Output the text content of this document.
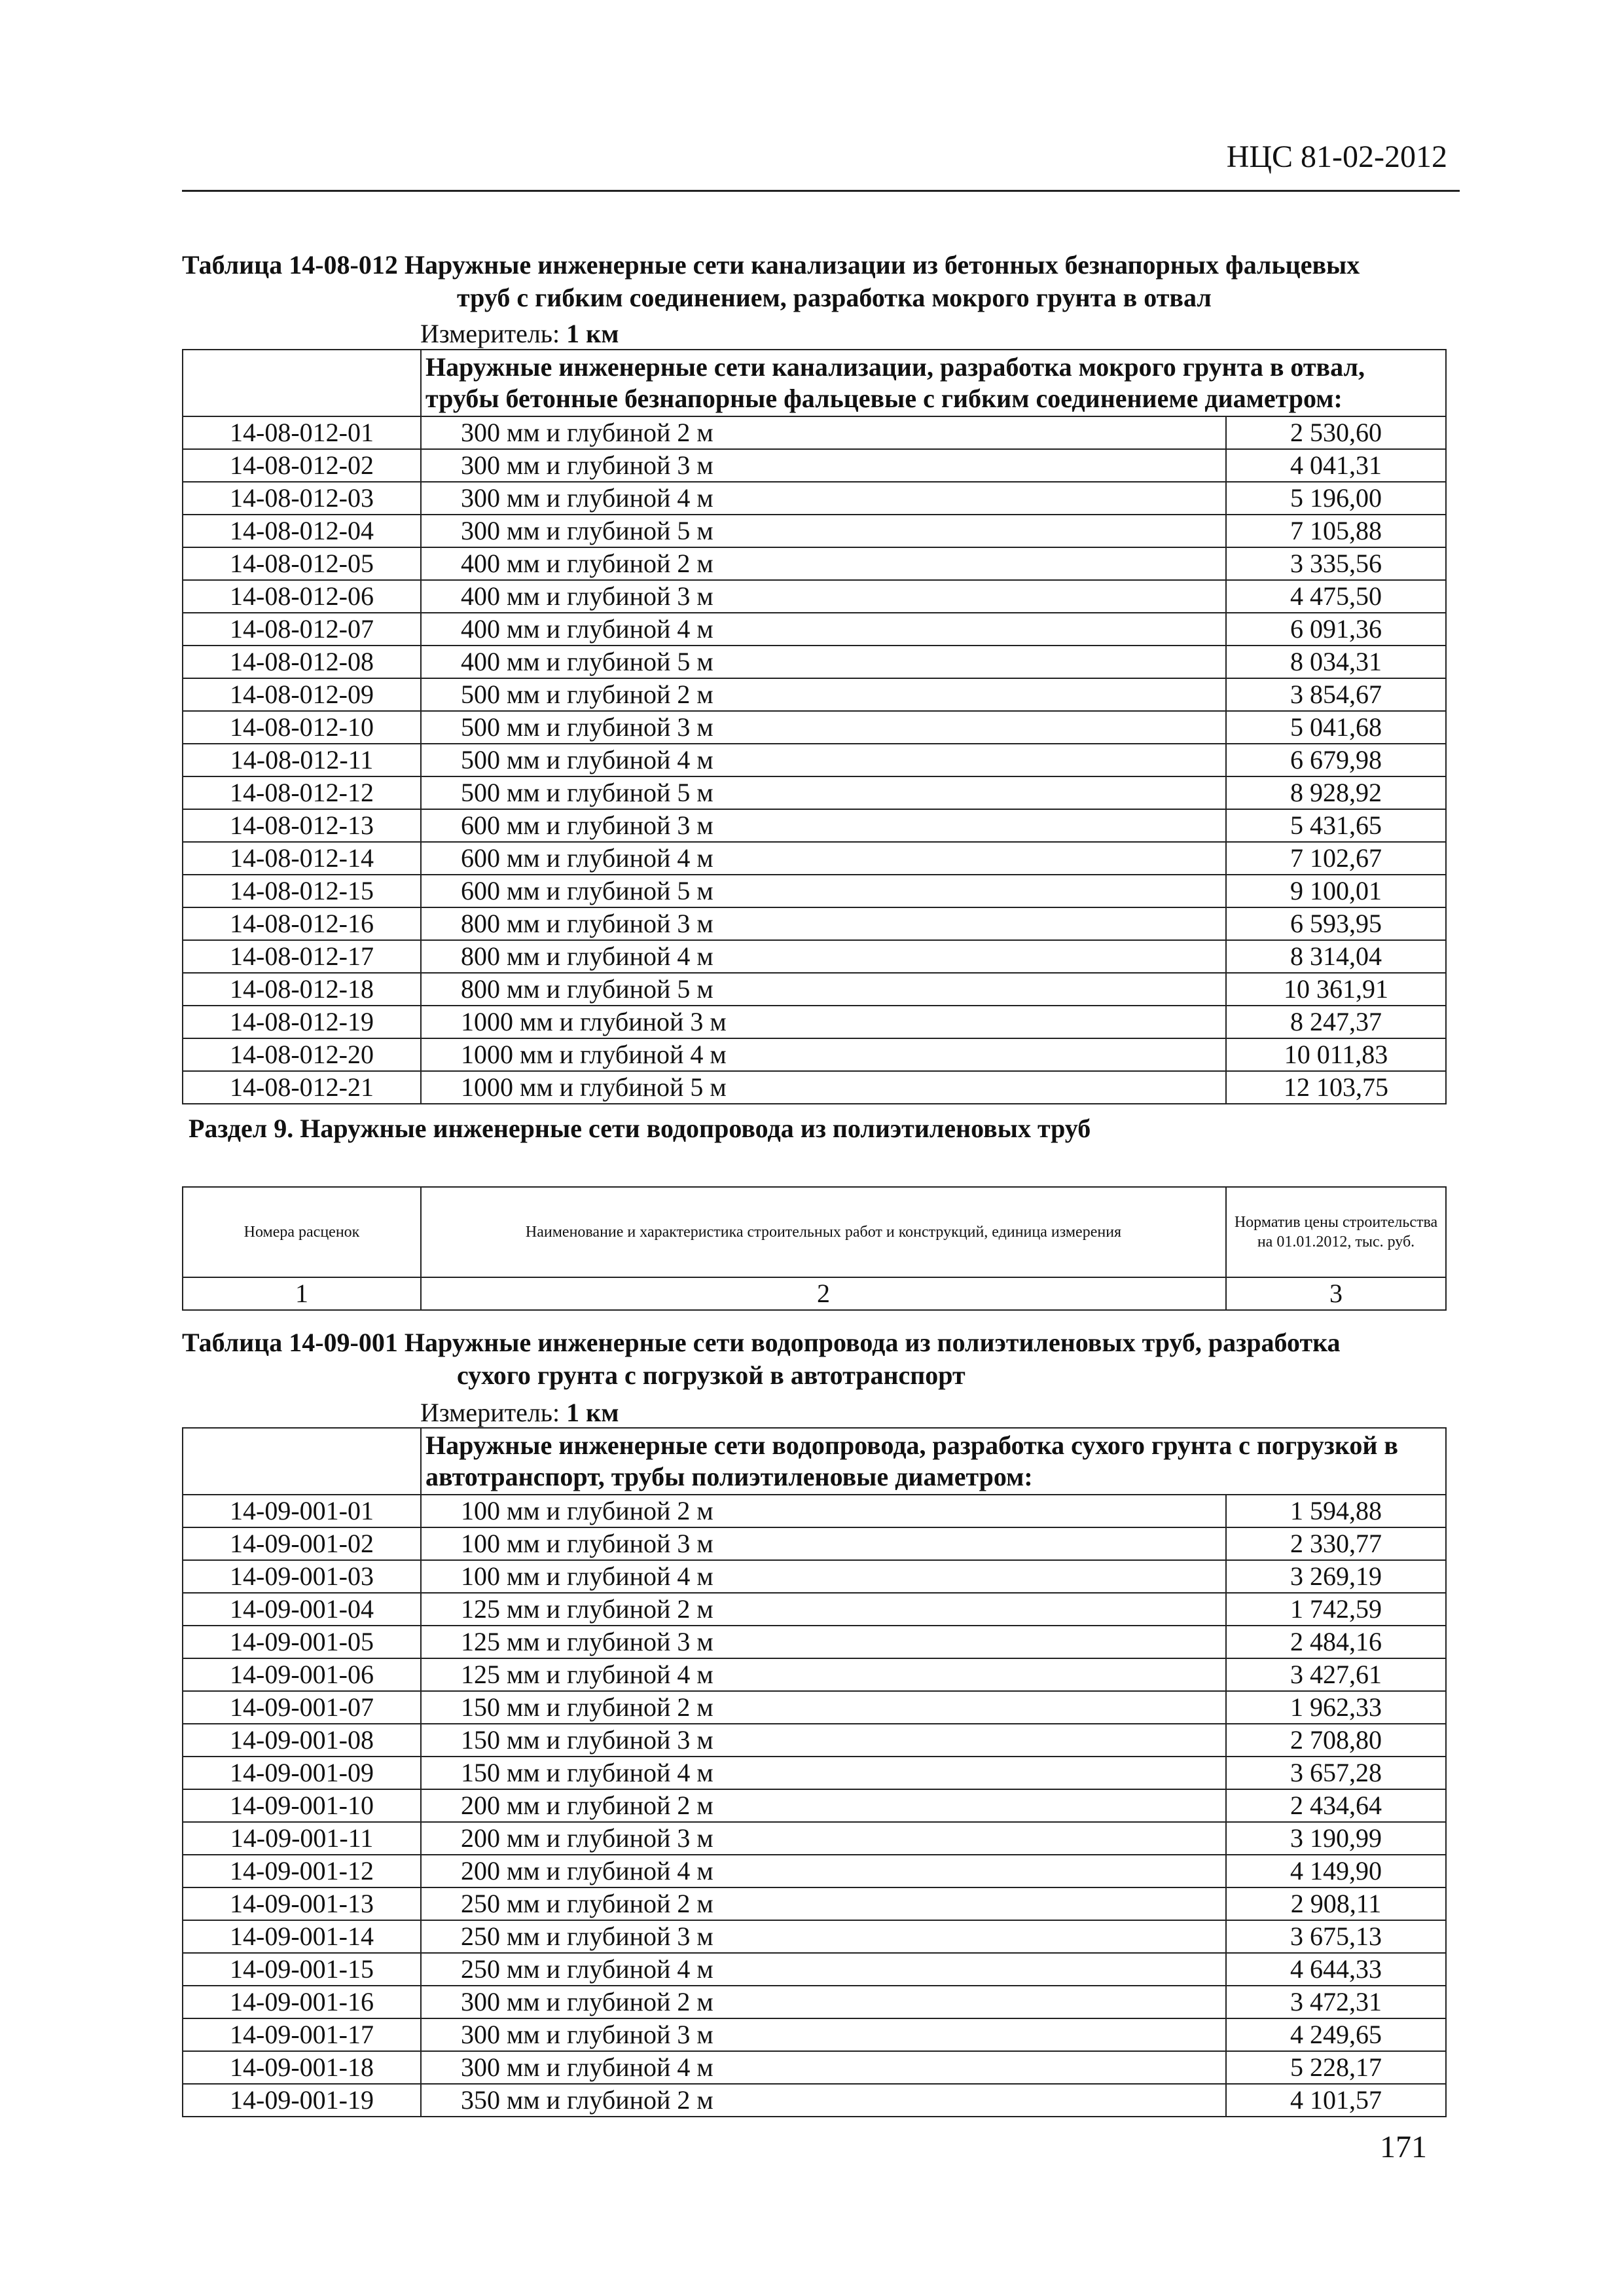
НЦС 81-02-2012
Таблица 14-08-012 Наружные инженерные сети канализации из бетонных безнапорных фальцевых
труб с гибким соединением, разработка мокрого грунта в отвал
Измеритель: 1 км
	Наружные инженерные сети канализации, разработка мокрого грунта в отвал, трубы бетонные безнапорные фальцевые с гибким соединениеме диаметром:	
14-08-012-01	300 мм и глубиной 2 м	2 530,60
14-08-012-02	300 мм и глубиной 3 м	4 041,31
14-08-012-03	300 мм и глубиной 4 м	5 196,00
14-08-012-04	300 мм и глубиной 5 м	7 105,88
14-08-012-05	400 мм и глубиной 2 м	3 335,56
14-08-012-06	400 мм и глубиной 3 м	4 475,50
14-08-012-07	400 мм и глубиной 4 м	6 091,36
14-08-012-08	400 мм и глубиной 5 м	8 034,31
14-08-012-09	500 мм и глубиной 2 м	3 854,67
14-08-012-10	500 мм и глубиной 3 м	5 041,68
14-08-012-11	500 мм и глубиной 4 м	6 679,98
14-08-012-12	500 мм и глубиной 5 м	8 928,92
14-08-012-13	600 мм и глубиной 3 м	5 431,65
14-08-012-14	600 мм и глубиной 4 м	7 102,67
14-08-012-15	600 мм и глубиной 5 м	9 100,01
14-08-012-16	800 мм и глубиной 3 м	6 593,95
14-08-012-17	800 мм и глубиной 4 м	8 314,04
14-08-012-18	800 мм и глубиной 5 м	10 361,91
14-08-012-19	1000 мм и глубиной 3 м	8 247,37
14-08-012-20	1000 мм и глубиной 4 м	10 011,83
14-08-012-21	1000 мм и глубиной 5 м	12 103,75
Раздел 9. Наружные инженерные сети водопровода из полиэтиленовых труб
Номера расценок	Наименование и характеристика строительных работ и конструкций, единица измерения	Норматив цены строительства на 01.01.2012, тыс. руб.
1	2	3
Таблица 14-09-001 Наружные инженерные сети водопровода из полиэтиленовых труб, разработка
сухого грунта с погрузкой в автотранспорт
Измеритель: 1 км
	Наружные инженерные сети водопровода, разработка сухого грунта с погрузкой в автотранспорт, трубы полиэтиленовые диаметром:	
14-09-001-01	100 мм и глубиной 2 м	1 594,88
14-09-001-02	100 мм и глубиной 3 м	2 330,77
14-09-001-03	100 мм и глубиной 4 м	3 269,19
14-09-001-04	125 мм и глубиной 2 м	1 742,59
14-09-001-05	125 мм и глубиной 3 м	2 484,16
14-09-001-06	125 мм и глубиной 4 м	3 427,61
14-09-001-07	150 мм и глубиной 2 м	1 962,33
14-09-001-08	150 мм и глубиной 3 м	2 708,80
14-09-001-09	150 мм и глубиной 4 м	3 657,28
14-09-001-10	200 мм и глубиной 2 м	2 434,64
14-09-001-11	200 мм и глубиной 3 м	3 190,99
14-09-001-12	200 мм и глубиной 4 м	4 149,90
14-09-001-13	250 мм и глубиной 2 м	2 908,11
14-09-001-14	250 мм и глубиной 3 м	3 675,13
14-09-001-15	250 мм и глубиной 4 м	4 644,33
14-09-001-16	300 мм и глубиной 2 м	3 472,31
14-09-001-17	300 мм и глубиной 3 м	4 249,65
14-09-001-18	300 мм и глубиной 4 м	5 228,17
14-09-001-19	350 мм и глубиной 2 м	4 101,57
171
